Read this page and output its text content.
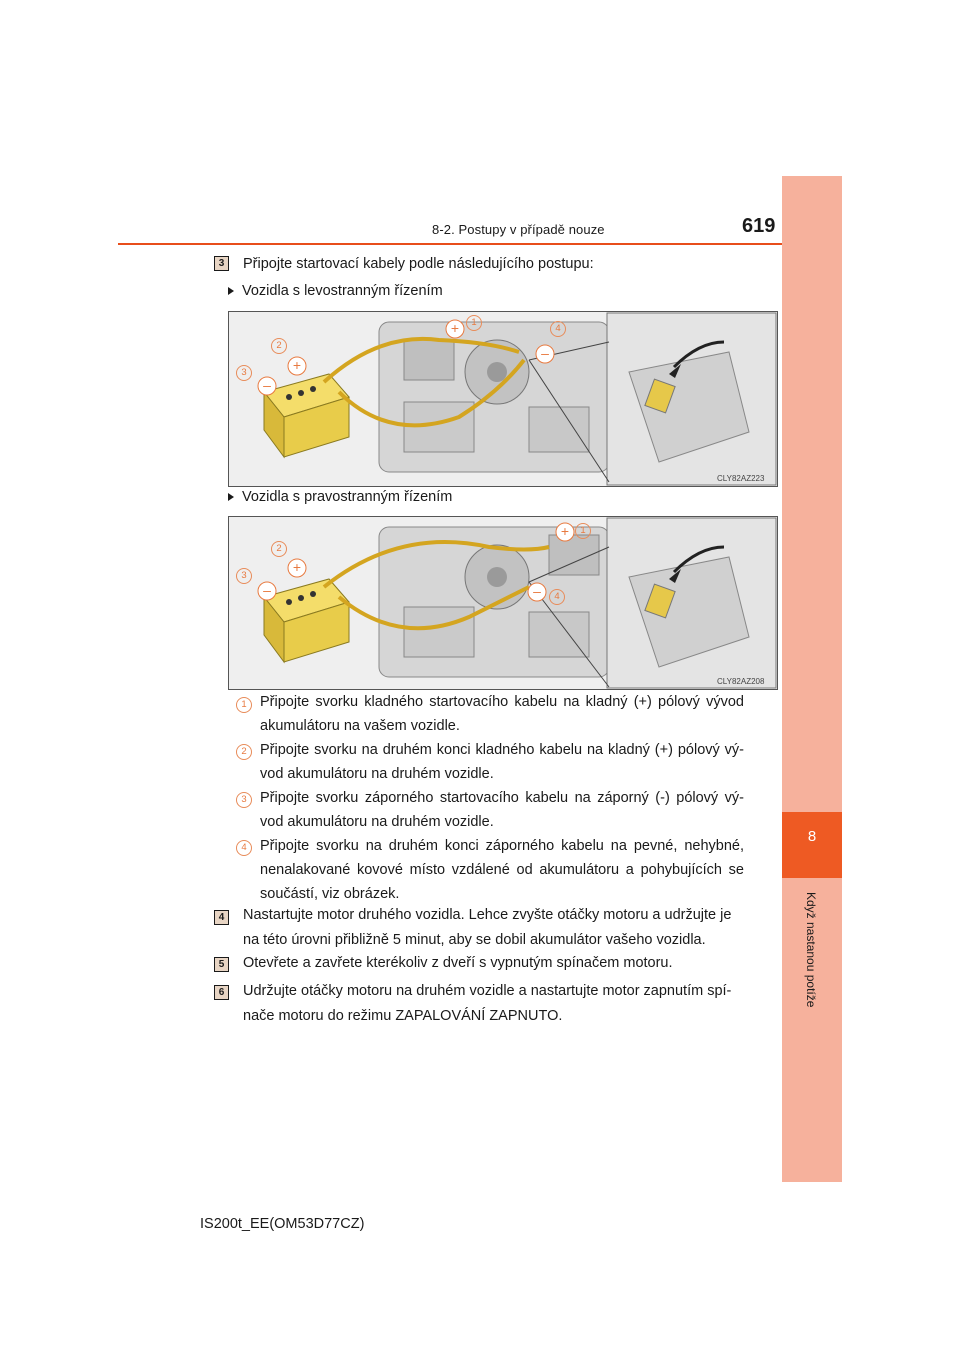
8-2. Postupy v případě nouze	619
8
Když nastanou potíže
3	Připojte startovací kabely podle následujícího postupu:
Vozidla s levostranným řízením
+
+
–
–
1
2
3
4
CLY82AZ223
Vozidla s pravostranným řízením
+
+
–	–
1
2
3
4
CLY82AZ208
1 Připojte svorku kladného startovacího kabelu na kladný (+) pólový vývod
akumulátoru na vašem vozidle.
2 Připojte svorku na druhém konci kladného kabelu na kladný (+) pólový vý-
vod akumulátoru na druhém vozidle.
3 Připojte svorku záporného startovacího kabelu na záporný (-) pólový vý-
vod akumulátoru na druhém vozidle.
4 Připojte svorku na druhém konci záporného kabelu na pevné, nehybné,
nenalakované kovové místo vzdálené od akumulátoru a pohybujících se
součástí, viz obrázek.
4	Nastartujte motor druhého vozidla. Lehce zvyšte otáčky motoru a udržujte je
na této úrovni přibližně 5 minut, aby se dobil akumulátor vašeho vozidla.
5	Otevřete a zavřete kterékoliv z dveří s vypnutým spínačem motoru.
6	Udržujte otáčky motoru na druhém vozidle a nastartujte motor zapnutím spí-
nače motoru do režimu ZAPALOVÁNÍ ZAPNUTO.
IS200t_EE(OM53D77CZ)
